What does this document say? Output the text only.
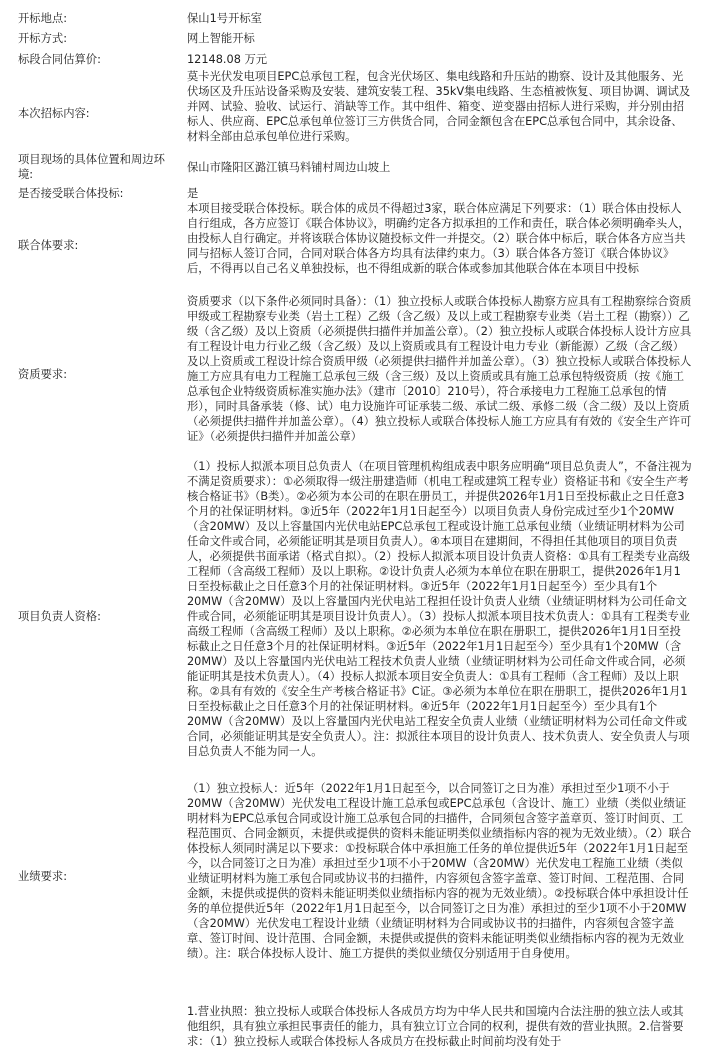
开标地点:	保山1号开标室
开标方式:	网上智能开标
标段合同估算价:	12148.08 万元
本次招标内容:
莫卡光伏发电项目EPC总承包工程，包含光伏场区、集电线路和升压站的勘察、设计及其他服务、光伏场区及升压站设备采购及安装、建筑安装工程、35kV集电线路、生态植被恢复、项目协调、调试及并网、试验、验收、试运行、消缺等工作。其中组件、箱变、逆变器由招标人进行采购，并分别由招标人、供应商、EPC总承包单位签订三方供货合同，合同金额包含在EPC总承包合同中，其余设备、材料全部由总承包单位进行采购。
项目现场的具体位置和周边环境:
保山市隆阳区潞江镇马料铺村周边山坡上
是否接受联合体投标:	是
联合体要求:
本项目接受联合体投标。联合体的成员不得超过3家，联合体应满足下列要求：（1）联合体由投标人自行组成，各方应签订《联合体协议》，明确约定各方拟承担的工作和责任，联合体必须明确牵头人，由投标人自行确定。并将该联合体协议随投标文件一并提交。（2）联合体中标后，联合体各方应当共同与招标人签订合同，合同对联合体各方均具有法律约束力。（3）联合体各方签订《联合体协议》后，不得再以自己名义单独投标，也不得组成新的联合体或参加其他联合体在本项目中投标
资质要求:
资质要求（以下条件必须同时具备）：（1）独立投标人或联合体投标人勘察方应具有工程勘察综合资质甲级或工程勘察专业类（岩土工程）乙级（含乙级）及以上或工程勘察专业类（岩土工程（勘察））乙级（含乙级）及以上资质（必须提供扫描件并加盖公章）。（2）独立投标人或联合体投标人设计方应具有工程设计电力行业乙级（含乙级）及以上资质或具有工程设计电力专业（新能源）乙级（含乙级）及以上资质或工程设计综合资质甲级（必须提供扫描件并加盖公章）。（3）独立投标人或联合体投标人施工方应具有电力工程施工总承包三级（含三级）及以上资质或具有施工总承包特级资质（按《施工总承包企业特级资质标准实施办法》（建市〔2010〕210号），符合承接电力工程施工总承包的情形），同时具备承装（修、试）电力设施许可证承装二级、承试二级、承修二级（含二级）及以上资质（必须提供扫描件并加盖公章）。（4）独立投标人或联合体投标人施工方应具有有效的《安全生产许可证》（必须提供扫描件并加盖公章）
项目负责人资格:
（1）投标人拟派本项目总负责人（在项目管理机构组成表中职务应明确“项目总负责人”，不备注视为不满足资质要求）：①必须取得一级注册建造师（机电工程或建筑工程专业）资格证书和《安全生产考核合格证书》（B类）。②必须为本公司的在职在册员工，并提供2026年1月1日至投标截止之日任意3个月的社保证明材料。③近5年（2022年1月1日起至今）以项目负责人身份完成过至少1个20MW（含20MW）及以上容量国内光伏电站EPC总承包工程或设计施工总承包业绩（业绩证明材料为公司任命文件或合同，必须能证明其是项目负责人）。④本项目在建期间，不得担任其他项目的项目负责人，必须提供书面承诺（格式自拟）。（2）投标人拟派本项目设计负责人资格：①具有工程类专业高级工程师（含高级工程师）及以上职称。②设计负责人必须为本单位在职在册职工，提供2026年1月1日至投标截止之日任意3个月的社保证明材料。③近5年（2022年1月1日起至今）至少具有1个20MW（含20MW）及以上容量国内光伏电站工程担任设计负责人业绩（业绩证明材料为公司任命文件或合同，必须能证明其是项目设计负责人）。（3）投标人拟派本项目技术负责人：①具有工程类专业高级工程师（含高级工程师）及以上职称。②必须为本单位在职在册职工，提供2026年1月1日至投标截止之日任意3个月的社保证明材料。③近5年（2022年1月1日起至今）至少具有1个20MW（含20MW）及以上容量国内光伏电站工程技术负责人业绩（业绩证明材料为公司任命文件或合同，必须能证明其是技术负责人）。（4）投标人拟派本项目安全负责人：①具有工程师（含工程师）及以上职称。②具有有效的《安全生产考核合格证书》C证。③必须为本单位在职在册职工，提供2026年1月1日至投标截止之日任意3个月的社保证明材料。④近5年（2022年1月1日起至今）至少具有1个20MW（含20MW）及以上容量国内光伏电站工程安全负责人业绩（业绩证明材料为公司任命文件或合同，必须能证明其是安全负责人）。注：拟派往本项目的设计负责人、技术负责人、安全负责人与项目总负责人不能为同一人。
业绩要求:
（1）独立投标人：近5年（2022年1月1日起至今，以合同签订之日为准）承担过至少1项不小于20MW（含20MW）光伏发电工程设计施工总承包或EPC总承包（含设计、施工）业绩（类似业绩证明材料为EPC总承包合同或设计施工总承包合同的扫描件，合同须包含签字盖章页、签订时间页、工程范围页、合同金额页，未提供或提供的资料未能证明类似业绩指标内容的视为无效业绩）。（2）联合体投标人须同时满足以下要求：①投标联合体中承担施工任务的单位提供近5年（2022年1月1日起至今，以合同签订之日为准）承担过至少1项不小于20MW（含20MW）光伏发电工程施工业绩（类似业绩证明材料为施工承包合同或协议书的扫描件，内容须包含签字盖章、签订时间、工程范围、合同金额，未提供或提供的资料未能证明类似业绩指标内容的视为无效业绩）。②投标联合体中承担设计任务的单位提供近5年（2022年1月1日起至今，以合同签订之日为准）承担过的至少1项不小于20MW（含20MW）光伏发电工程设计业绩（业绩证明材料为合同或协议书的扫描件，内容须包含签字盖章、签订时间、设计范围、合同金额，未提供或提供的资料未能证明类似业绩指标内容的视为无效业绩）。注：联合体投标人设计、施工方提供的类似业绩仅分别适用于自身使用。
1.营业执照：独立投标人或联合体投标人各成员方均为中华人民共和国境内合法注册的独立法人或其他组织，具有独立承担民事责任的能力，具有独立订立合同的权利，提供有效的营业执照。2.信誉要求：（1）独立投标人或联合体投标人各成员方在投标截止时间前均没有处于
